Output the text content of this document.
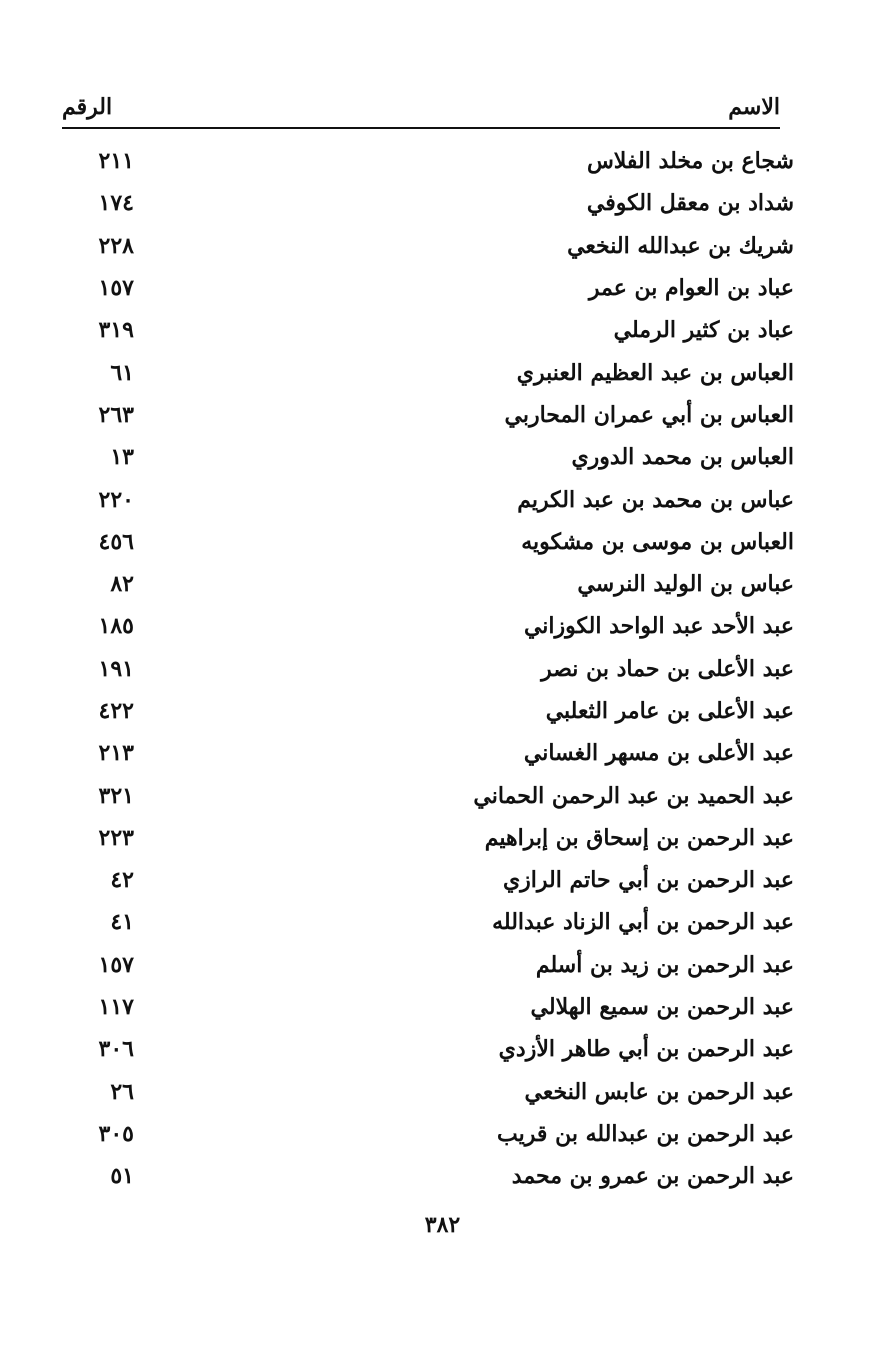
الاسم
الرقم
شجاع بن مخلد الفلاس
٢١١
شداد بن معقل الكوفي
١٧٤
شريك بن عبدالله النخعي
٢٢٨
عباد بن العوام بن عمر
١٥٧
عباد بن كثير الرملي
٣١٩
العباس بن عبد العظيم العنبري
٦١
العباس بن أبي عمران المحاربي
٢٦٣
العباس بن محمد الدوري
١٣
عباس بن محمد بن عبد الكريم
٢٢٠
العباس بن موسى بن مشكويه
٤٥٦
عباس بن الوليد النرسي
٨٢
عبد الأحد عبد الواحد الكوزاني
١٨٥
عبد الأعلى بن حماد بن نصر
١٩١
عبد الأعلى بن عامر الثعلبي
٤٢٢
عبد الأعلى بن مسهر الغساني
٢١٣
عبد الحميد بن عبد الرحمن الحماني
٣٢١
عبد الرحمن بن إسحاق بن إبراهيم
٢٢٣
عبد الرحمن بن أبي حاتم الرازي
٤٢
عبد الرحمن بن أبي الزناد عبدالله
٤١
عبد الرحمن بن زيد بن أسلم
١٥٧
عبد الرحمن بن سميع الهلالي
١١٧
عبد الرحمن بن أبي طاهر الأزدي
٣٠٦
عبد الرحمن بن عابس النخعي
٢٦
عبد الرحمن بن عبدالله بن قريب
٣٠٥
عبد الرحمن بن عمرو بن محمد
٥١
٣٨٢
